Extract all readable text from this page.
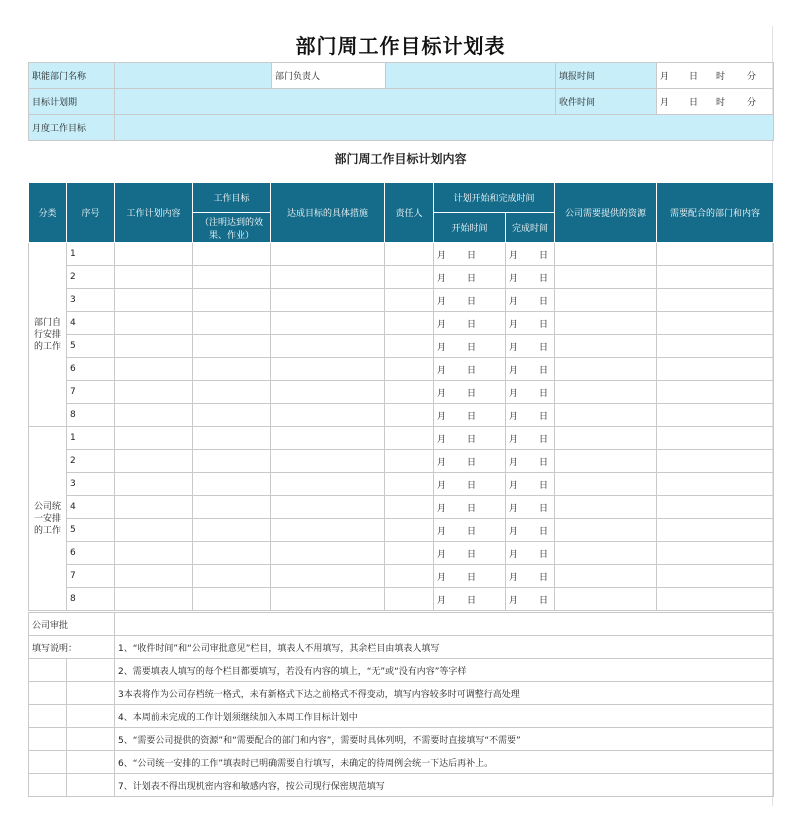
部门周工作目标计划表
职能部门名称		部门负责人		填报时间	月 日 时 分
目标计划期				收件时间	月 日 时 分
月度工作目标					
部门周工作目标计划内容
分类	序号	工作计划内容	工作目标	达成目标的具体措施	责任人	计划开始和完成时间		公司需要提供的资源	需要配合的部门和内容
			（注明达到的效果、作业）			开始时间	完成时间		
部门自行安排的工作	1					月 日	月 日		
	2					月 日	月 日		
	3					月 日	月 日		
	4					月 日	月 日		
	5					月 日	月 日		
	6					月 日	月 日		
	7					月 日	月 日		
	8					月 日	月 日		
公司统一安排的工作	1					月 日	月 日		
	2					月 日	月 日		
	3					月 日	月 日		
	4					月 日	月 日		
	5					月 日	月 日		
	6					月 日	月 日		
	7					月 日	月 日		
	8					月 日	月 日		
公司审批		
填写说明：		1、“收件时间”和“公司审批意见”栏目，填表人不用填写，其余栏目由填表人填写
		2、需要填表人填写的每个栏目都要填写，若没有内容的填上，“无”或“没有内容”等字样
		3本表将作为公司存档统一格式，未有新格式下达之前格式不得变动，填写内容较多时可调整行高处理
		4、本周前未完成的工作计划须继续加入本周工作目标计划中
		5、“需要公司提供的资源”和“需要配合的部门和内容”，需要时具体列明，不需要时直接填写“不需要”
		6、“公司统一安排的工作”填表时已明确需要自行填写，未确定的待周例会统一下达后再补上。
		7、计划表不得出现机密内容和敏感内容，按公司现行保密规范填写
